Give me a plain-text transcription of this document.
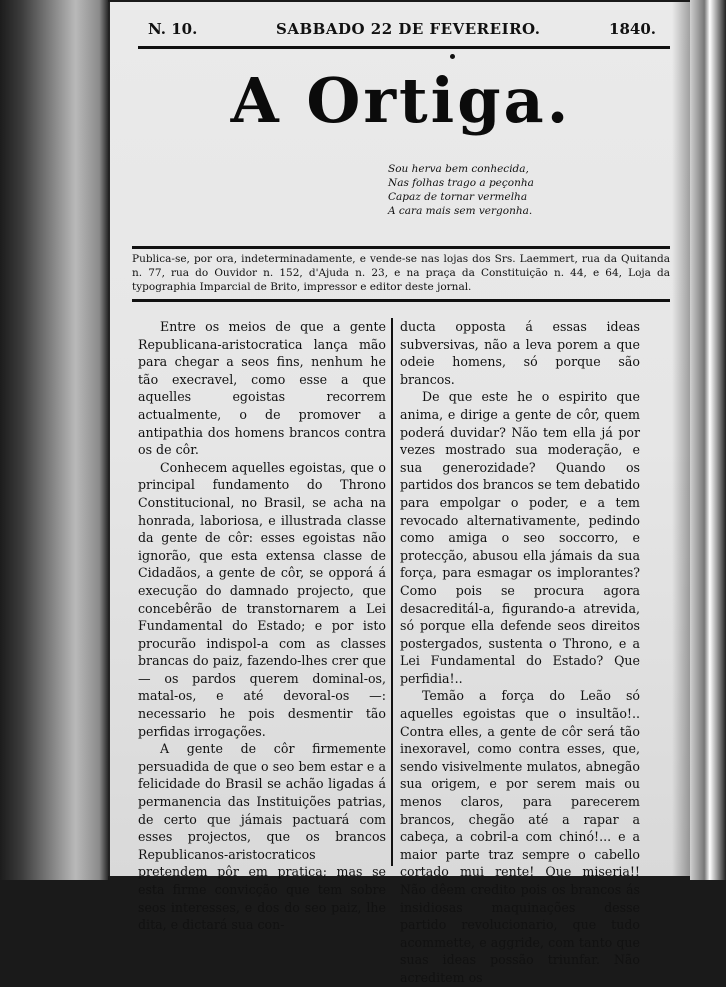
N. 10.	SABBADO 22 DE FEVEREIRO.	1840.
A Ortiga.
Sou herva bem conhecida,
Nas folhas trago a peçonha
Capaz de tornar vermelha
A cara mais sem vergonha.
Publica-se, por ora, indeterminadamente, e vende-se nas lojas dos Srs. Laemmert, rua da Quitanda n. 77, rua do Ouvidor n. 152, d'Ajuda n. 23, e na praça da Constituição n. 44, e 64, Loja da typographia Imparcial de Brito, impressor e editor deste jornal.

Entre os meios de que a gente Republicana-aristocratica lança mão para chegar a seos fins, nenhum he tão execravel, como esse a que aquelles egoistas recorrem actualmente, o de promover a antipathia dos homens brancos contra os de côr.

Conhecem aquelles egoistas, que o principal fundamento do Throno Constitucional, no Brasil, se acha na honrada, laboriosa, e illustrada classe da gente de côr: esses egoistas não ignorão, que esta extensa classe de Cidadãos, a gente de côr, se opporá á execução do damnado projecto, que concebêrão de transtornarem a Lei Fundamental do Estado; e por isto procurão indispol-a com as classes brancas do paiz, fazendo-lhes crer que — os pardos querem dominal-os, matal-os, e até devoral-os —: necessario he pois desmentir tão perfidas irrogações.

A gente de côr firmemente persuadida de que o seo bem estar e a felicidade do Brasil se achão ligadas á permanencia das Instituições patrias, de certo que jámais pactuará com esses projectos, que os brancos Republicanos-aristocraticos pretendem pôr em pratica; mas se esta firme convicção que tem sobre seos interesses, e dos do seo paiz, lhe dita, e dictará sua con-

ducta opposta á essas ideas subversivas, não a leva porem a que odeie homens, só porque são brancos.

De que este he o espirito que anima, e dirige a gente de côr, quem poderá duvidar? Não tem ella já por vezes mostrado sua moderação, e sua generozidade? Quando os partidos dos brancos se tem debatido para empolgar o poder, e a tem revocado alternativamente, pedindo como amiga o seo soccorro, e protecção, abusou ella jámais da sua força, para esmagar os implorantes? Como pois se procura agora desacreditál-a, figurando-a atrevida, só porque ella defende seos direitos postergados, sustenta o Throno, e a Lei Fundamental do Estado? Que perfidia!..

Temão a força do Leão só aquelles egoistas que o insultão!.. Contra elles, a gente de côr será tão inexoravel, como contra esses, que, sendo visivelmente mulatos, abnegão sua origem, e por serem mais ou menos claros, para parecerem brancos, chegão até a rapar a cabeça, a cobril-a com chinó!... e a maior parte traz sempre o cabello cortado mui rente! Que miseria!! Não dêem credito pois os brancos ás insidiosas maquinações desse partido revolucionario, que tudo acommette, e aggride, com tanto que suas ideas possão triunfar. Não acreditem os
